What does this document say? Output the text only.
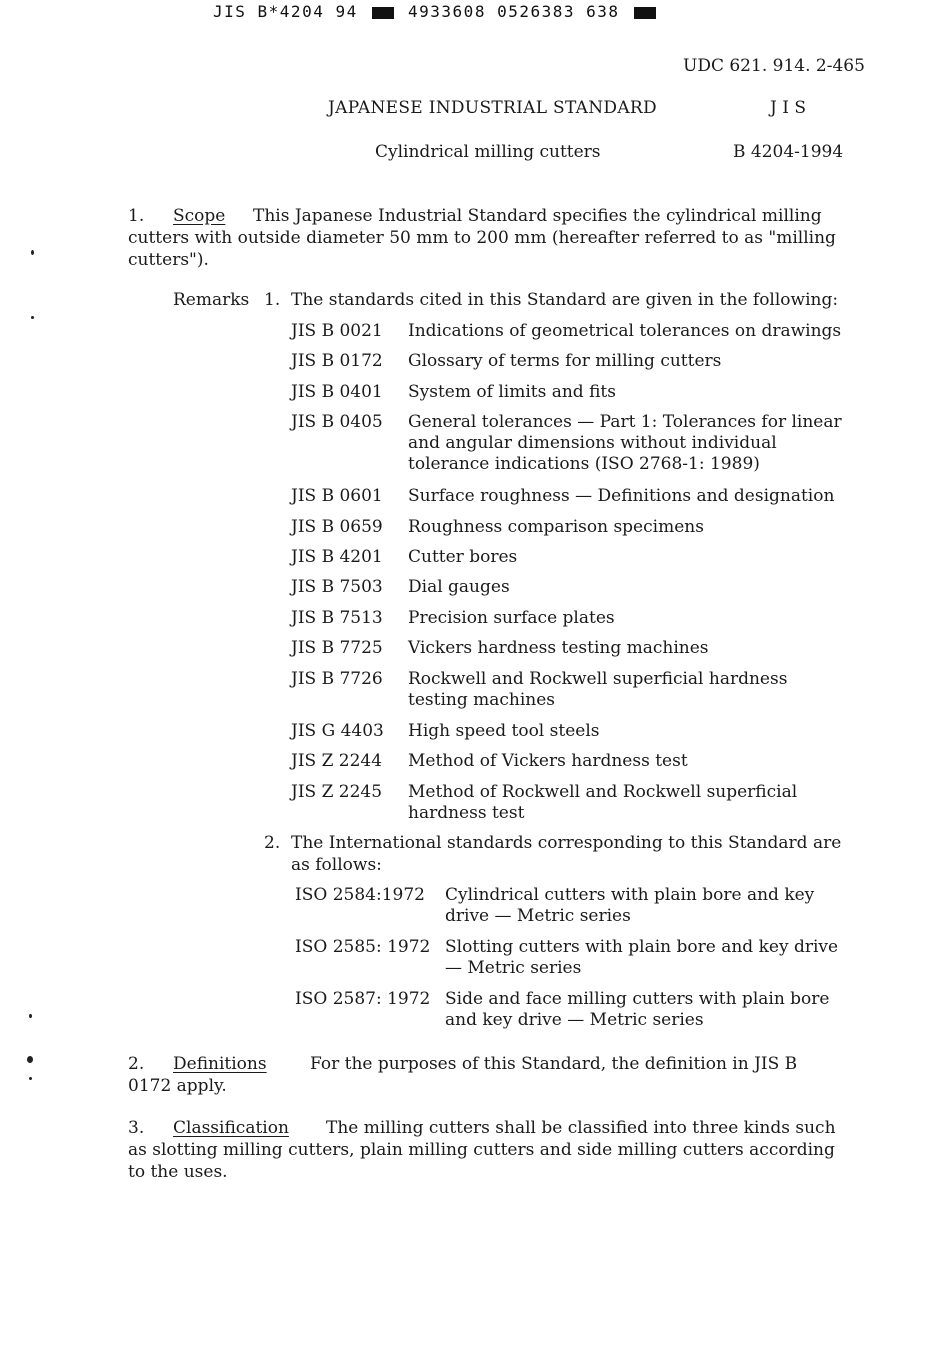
JIS B*4204 94	4933608 0526383 638
UDC 621. 914. 2-465
JAPANESE INDUSTRIAL STANDARD	J I S
Cylindrical milling cutters	B 4204-1994
1. Scope This Japanese Industrial Standard specifies the cylindrical milling
cutters with outside diameter 50 mm to 200 mm (hereafter referred to as "milling
cutters").
Remarks 1. The standards cited in this Standard are given in the following:
JIS B 0021 Indications of geometrical tolerances on drawings
JIS B 0172 Glossary of terms for milling cutters
JIS B 0401 System of limits and fits
JIS B 0405 General tolerances — Part 1: Tolerances for linear and angular dimensions without individual tolerance indications (ISO 2768-1: 1989)
JIS B 0601 Surface roughness — Definitions and designation
JIS B 0659 Roughness comparison specimens
JIS B 4201 Cutter bores
JIS B 7503 Dial gauges
JIS B 7513 Precision surface plates
JIS B 7725 Vickers hardness testing machines
JIS B 7726 Rockwell and Rockwell superficial hardness testing machines
JIS G 4403 High speed tool steels
JIS Z 2244 Method of Vickers hardness test
JIS Z 2245 Method of Rockwell and Rockwell superficial hardness test
2. The International standards corresponding to this Standard are
as follows:
ISO 2584:1972 Cylindrical cutters with plain bore and key drive — Metric series
ISO 2585: 1972 Slotting cutters with plain bore and key drive — Metric series
ISO 2587: 1972 Side and face milling cutters with plain bore and key drive — Metric series
2. Definitions	For the purposes of this Standard, the definition in JIS B
0172 apply.
3. Classification The milling cutters shall be classified into three kinds such
as slotting milling cutters, plain milling cutters and side milling cutters according
to the uses.
